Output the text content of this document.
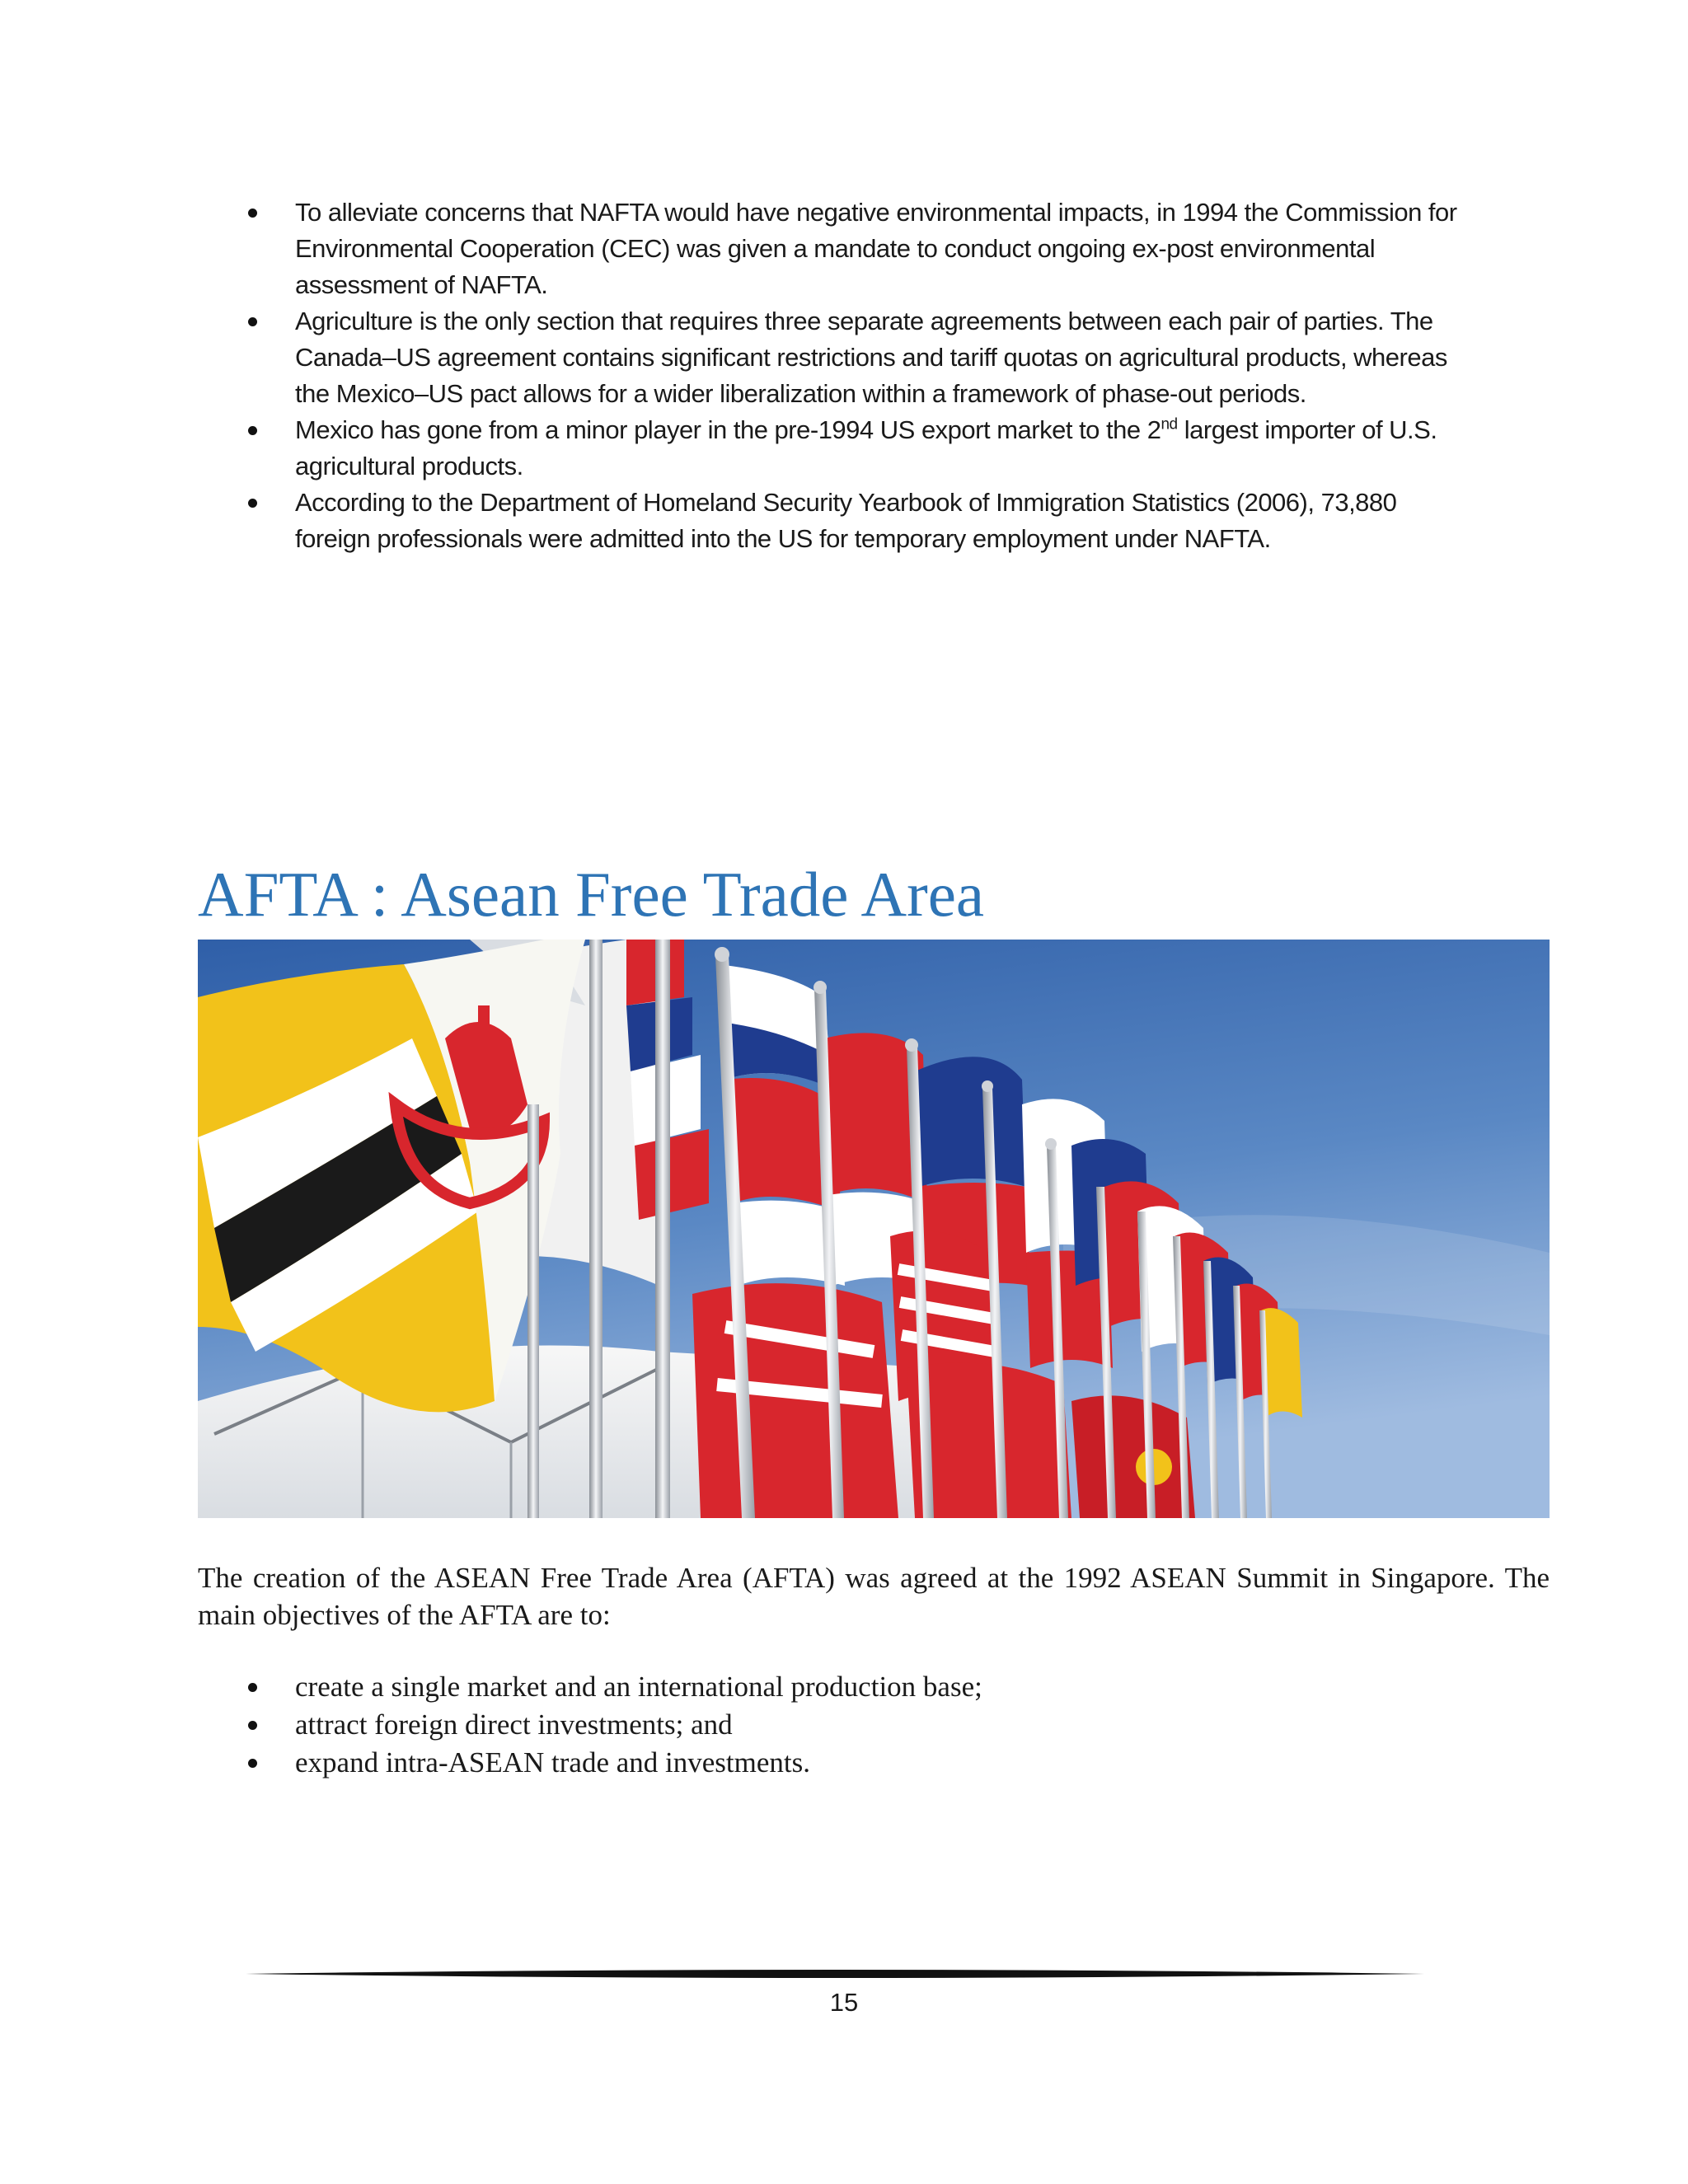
To alleviate concerns that NAFTA would have negative environmental impacts, in 1994 the Commission for Environmental Cooperation (CEC) was given a mandate to conduct ongoing ex-post environmental assessment of NAFTA.
Agriculture is the only section that requires three separate agreements between each pair of parties. The Canada–US agreement contains significant restrictions and tariff quotas on agricultural products, whereas the Mexico–US pact allows for a wider liberalization within a framework of phase-out periods.
Mexico has gone from a minor player in the pre-1994 US export market to the 2nd largest importer of U.S. agricultural products.
According to the Department of Homeland Security Yearbook of Immigration Statistics (2006), 73,880 foreign professionals were admitted into the US for temporary employment under NAFTA.
AFTA : Asean Free Trade Area

The creation of the ASEAN Free Trade Area (AFTA) was agreed at the 1992 ASEAN Summit in Singapore. The main objectives of the AFTA are to:

create a single market and an international production base;
attract foreign direct investments; and
expand intra-ASEAN trade and investments.
15
